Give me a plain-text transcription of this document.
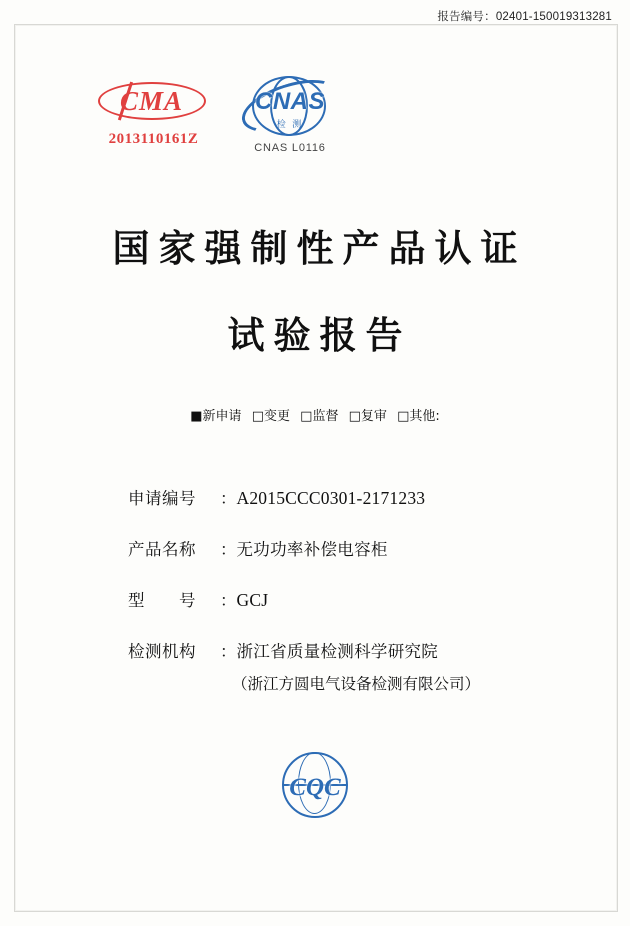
报告编号：02401-150019313281
CMA
2013110161Z
CNAS
检 测
CNAS L0116
国家强制性产品认证
试验报告
■新申请 □变更 □监督 □复审 □其他:
申请编号	： A2015CCC0301-2171233
产品名称	： 无功功率补偿电容柜
型　　号	： GCJ
检测机构	： 浙江省质量检测科学研究院
（浙江方圆电气设备检测有限公司）
CQC
